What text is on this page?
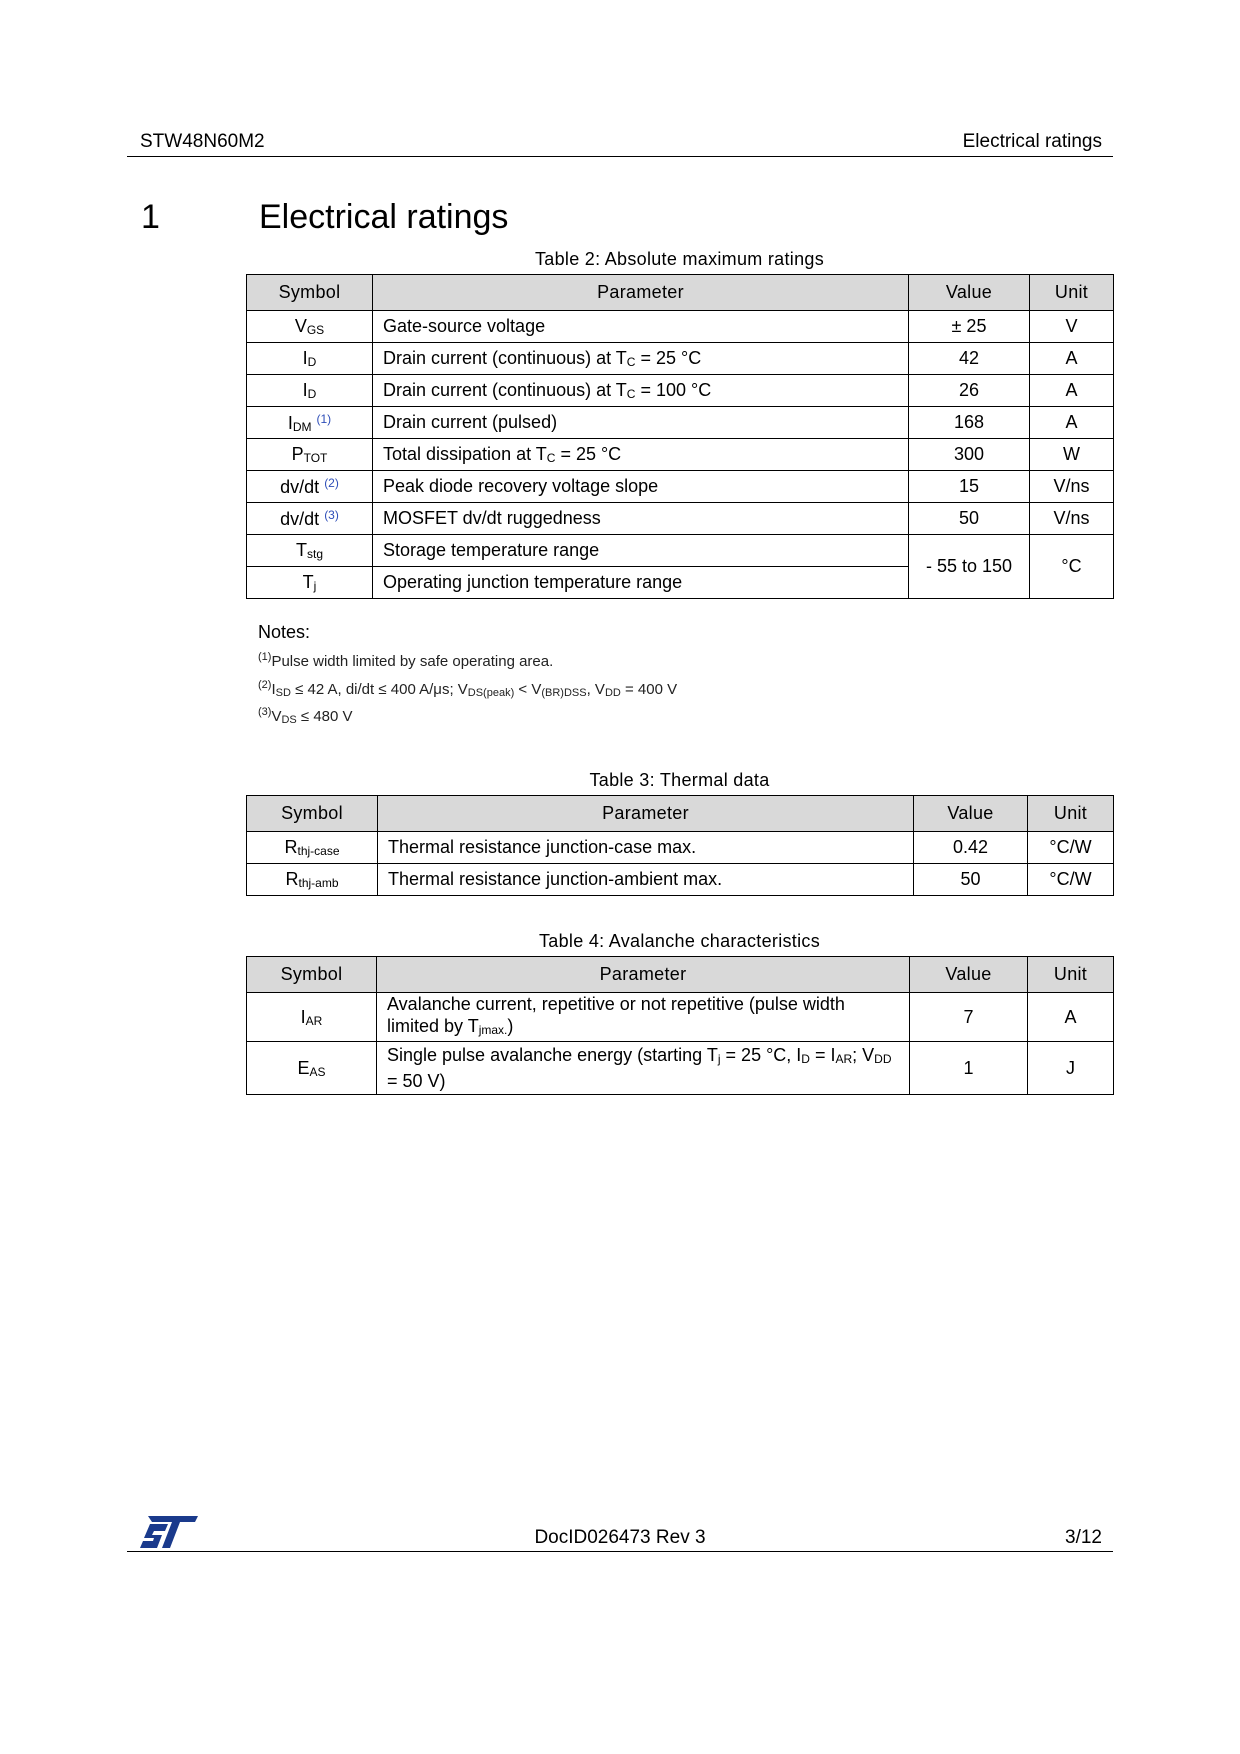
STW48N60M2	Electrical ratings
1	Electrical ratings
Table 2: Absolute maximum ratings
Symbol	Parameter	Value	Unit
$V_{GS}$	Gate-source voltage	± 25	V
$I_D$	Drain current (continuous) at $T_C = 25$ °C	42	A
$I_D$	Drain current (continuous) at $T_C = 100$ °C	26	A
$I_{DM}$ $^{(1)}$	Drain current (pulsed)	168	A
$P_{TOT}$	Total dissipation at $T_C = 25$ °C	300	W
dv/dt $^{(2)}$	Peak diode recovery voltage slope	15	V/ns
dv/dt $^{(3)}$	MOSFET dv/dt ruggedness	50	V/ns
$T_{stg}$	Storage temperature range	- 55 to 150	°C
$T_j$	Operating junction temperature range		
Notes:
$^{(1)}$Pulse width limited by safe operating area.
$^{(2)}I_{SD} \le 42$ A, di/dt ≤ 400 A/μs; $V_{DS(peak)} < V_{(BR)DSS}$, $V_{DD} = 400$ V
$^{(3)}V_{DS} \le 480$ V
Table 3: Thermal data
Symbol	Parameter	Value	Unit
$R_{thj-case}$	Thermal resistance junction-case max.	0.42	°C/W
$R_{thj-amb}$	Thermal resistance junction-ambient max.	50	°C/W
Table 4: Avalanche characteristics
Symbol	Parameter	Value	Unit
$I_{AR}$	Avalanche current, repetitive or not repetitive (pulse width limited by $T_{jmax.}$)	7	A
$E_{AS}$	Single pulse avalanche energy (starting $T_j = 25$ °C, $I_D = I_{AR}$; $V_{DD} = 50$ V)	1	J
DocID026473 Rev 3	3/12
